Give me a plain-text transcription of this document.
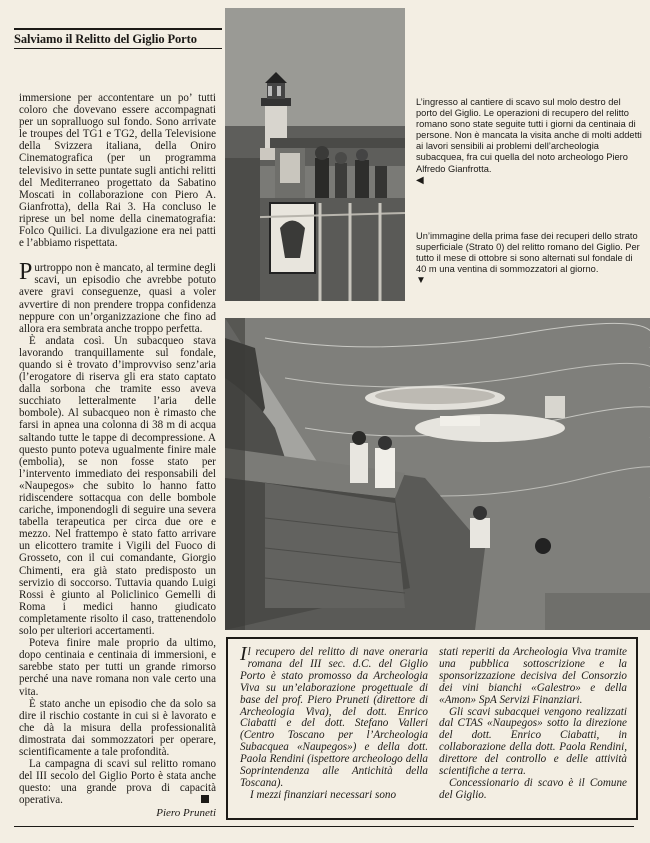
Salviamo il Relitto del Giglio Porto

immersione per accontentare un po’ tutti coloro che dovevano essere accompagnati per un sopralluogo sul fondo. Sono arrivate le troupes del TG1 e TG2, della Televisione della Svizzera italiana, della Oniro Cinematografica (per un programma televisivo in sette puntate sugli antichi relitti del Mediterraneo progettato da Sabatino Moscati in collaborazione con Piero A. Gianfrotta), della Rai 3. Ha concluso le riprese un bel nome della cinematografia: Folco Quilici. La divulgazione era nei patti e l’abbiamo rispettata.

Purtroppo non è mancato, al termine degli scavi, un episodio che avrebbe potuto avere gravi conseguenze, quasi a voler avvertire di non prendere troppa confidenza neppure con un’organizzazione che fino ad allora era sembrata anche troppo perfetta.

È andata così. Un subacqueo stava lavorando tranquillamente sul fondale, quando si è trovato d’improvviso senz’aria (l’erogatore di riserva gli era stato captato dalla sorbona che tramite esso aveva succhiato letteralmente l’aria delle bombole). Al subacqueo non è rimasto che farsi in apnea una colonna di 38 m di acqua saltando tutte le tappe di decompressione. A questo punto poteva ugualmente finire male (embolia), se non fosse stato per l’intervento immediato dei responsabili del «Naupegos» che subito lo hanno fatto ridiscendere sottacqua con delle bombole cariche, imponendogli di seguire una severa tabella terapeutica per circa due ore e mezzo. Nel frattempo è stato fatto arrivare un elicottero tramite i Vigili del Fuoco di Grosseto, con il cui comandante, Giorgio Chimenti, era già stato predisposto un servizio di soccorso. Tuttavia quando Luigi Rossi è giunto al Policlinico Gemelli di Roma i medici hanno giudicato completamente risolto il caso, trattenendolo solo per ulteriori accertamenti.

Poteva finire male proprio da ultimo, dopo centinaia e centinaia di immersioni, e sarebbe stato per tutti un grande rimorso perché una nave romana non vale certo una vita.

È stato anche un episodio che da solo sa dire il rischio costante in cui si è lavorato e che dà la misura della professionalità dimostrata dai sommozzatori per operare, scientificamente a tale profondità.

La campagna di scavi sul relitto romano del III secolo del Giglio Porto è stata anche questo: una grande prova di capacità operativa.

Piero Pruneti
L’ingresso al cantiere di scavo sul molo destro del porto del Giglio. Le operazioni di recupero del relitto romano sono state seguite tutti i giorni da centinaia di persone. Non è mancata la visita anche di molti addetti ai lavori sensibili ai problemi dell’archeologia subacquea, fra cui quella del noto archeologo Piero Alfredo Gianfrotta.
◀
Un’immagine della prima fase dei recuperi dello strato superficiale (Strato 0) del relitto romano del Giglio. Per tutto il mese di ottobre si sono alternati sul fondale di 40 m una ventina di sommozzatori al giorno.
▼

Il recupero del relitto di nave oneraria romana del III sec. d.C. del Giglio Porto è stato promosso da Archeologia Viva su un’elaborazione progettuale di base del prof. Piero Pruneti (direttore di Archeologia Viva), del dott. Enrico Ciabatti e del dott. Stefano Valleri (Centro Toscano per l’Archeologia Subacquea «Naupegos») e della dott. Paola Rendini (ispettore archeologo della Soprintendenza alle Antichità della Toscana).

I mezzi finanziari necessari sono

stati reperiti da Archeologia Viva tramite una pubblica sottoscrizione e la sponsorizzazione decisiva del Consorzio dei vini bianchi «Galestro» e della «Amon» SpA Servizi Finanziari.

Gli scavi subacquei vengono realizzati dal CTAS «Naupegos» sotto la direzione del dott. Enrico Ciabatti, in collaborazione della dott. Paola Rendini, direttore del controllo e delle attività scientifiche a terra.

Concessionario di scavo è il Comune del Giglio.
